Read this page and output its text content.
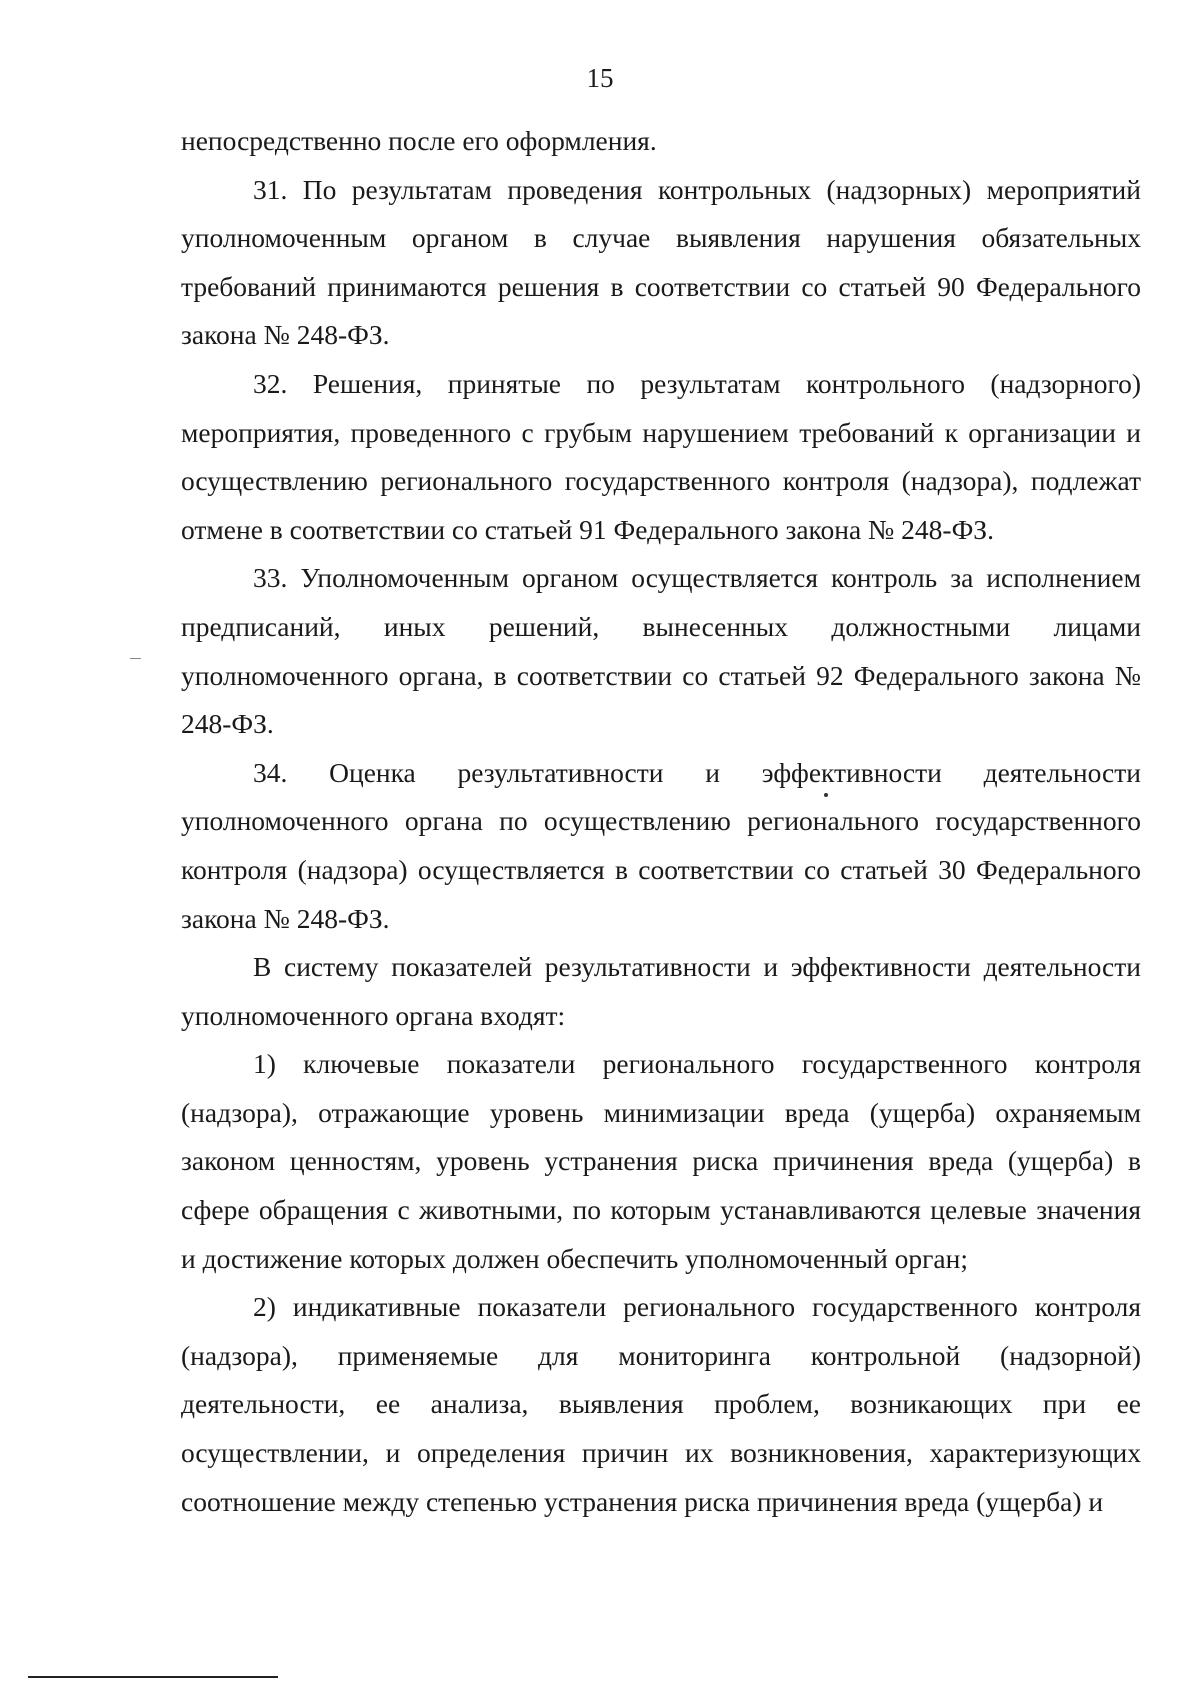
15

непосредственно после его оформления.

31. По результатам проведения контрольных (надзорных) мероприятий уполномоченным органом в случае выявления нарушения обязательных требований принимаются решения в соответствии со статьей 90 Федерального закона № 248-ФЗ.

32. Решения, принятые по результатам контрольного (надзорного) мероприятия, проведенного с грубым нарушением требований к организации и осуществлению регионального государственного контроля (надзора), подлежат отмене в соответствии со статьей 91 Федерального закона № 248-ФЗ.

33. Уполномоченным органом осуществляется контроль за исполнением предписаний, иных решений, вынесенных должностными лицами уполномоченного органа, в соответствии со статьей 92 Федерального закона № 248-ФЗ.

34. Оценка результативности и эффективности деятельности уполномоченного органа по осуществлению регионального государственного контроля (надзора) осуществляется в соответствии со статьей 30 Федерального закона № 248-ФЗ.

В систему показателей результативности и эффективности деятельности уполномоченного органа входят:

1) ключевые показатели регионального государственного контроля (надзора), отражающие уровень минимизации вреда (ущерба) охраняемым законом ценностям, уровень устранения риска причинения вреда (ущерба) в сфере обращения с животными, по которым устанавливаются целевые значения и достижение которых должен обеспечить уполномоченный орган;

2) индикативные показатели регионального государственного контроля (надзора), применяемые для мониторинга контрольной (надзорной) деятельности, ее анализа, выявления проблем, возникающих при ее осуществлении, и определения причин их возникновения, характеризующих соотношение между степенью устранения риска причинения вреда (ущерба) и
